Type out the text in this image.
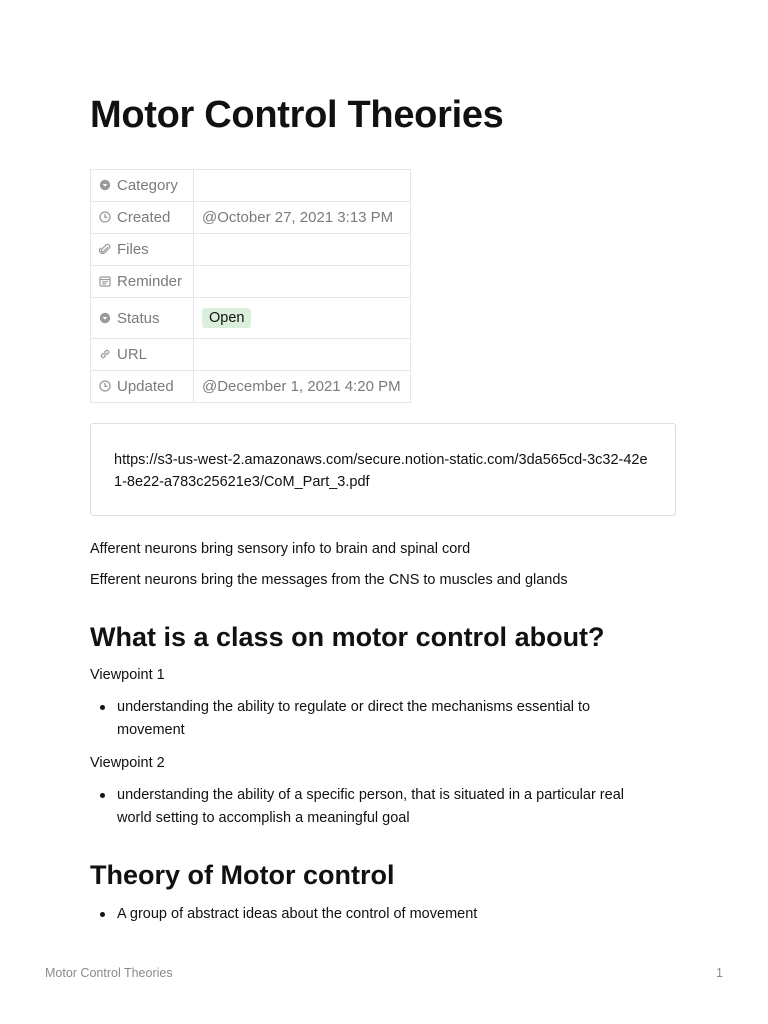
Motor Control Theories
Category	

Created	@October 27, 2021 3:13 PM

Files	

Reminder	

Status	Open

URL	

Updated	@December 1, 2021 4:20 PM
https://s3-us-west-2.amazonaws.com/secure.notion-static.com/3da565cd-3c32-42e1-8e22-a783c25621e3/CoM_Part_3.pdf

Afferent neurons bring sensory info to brain and spinal cord

Efferent neurons bring the messages from the CNS to muscles and glands

What is a class on motor control about?

Viewpoint 1

understanding the ability to regulate or direct the mechanisms essential to movement

Viewpoint 2

understanding the ability of a specific person, that is situated in a particular real world setting to accomplish a meaningful goal

Theory of Motor control

A group of abstract ideas about the control of movement

Motor Control Theories	1
